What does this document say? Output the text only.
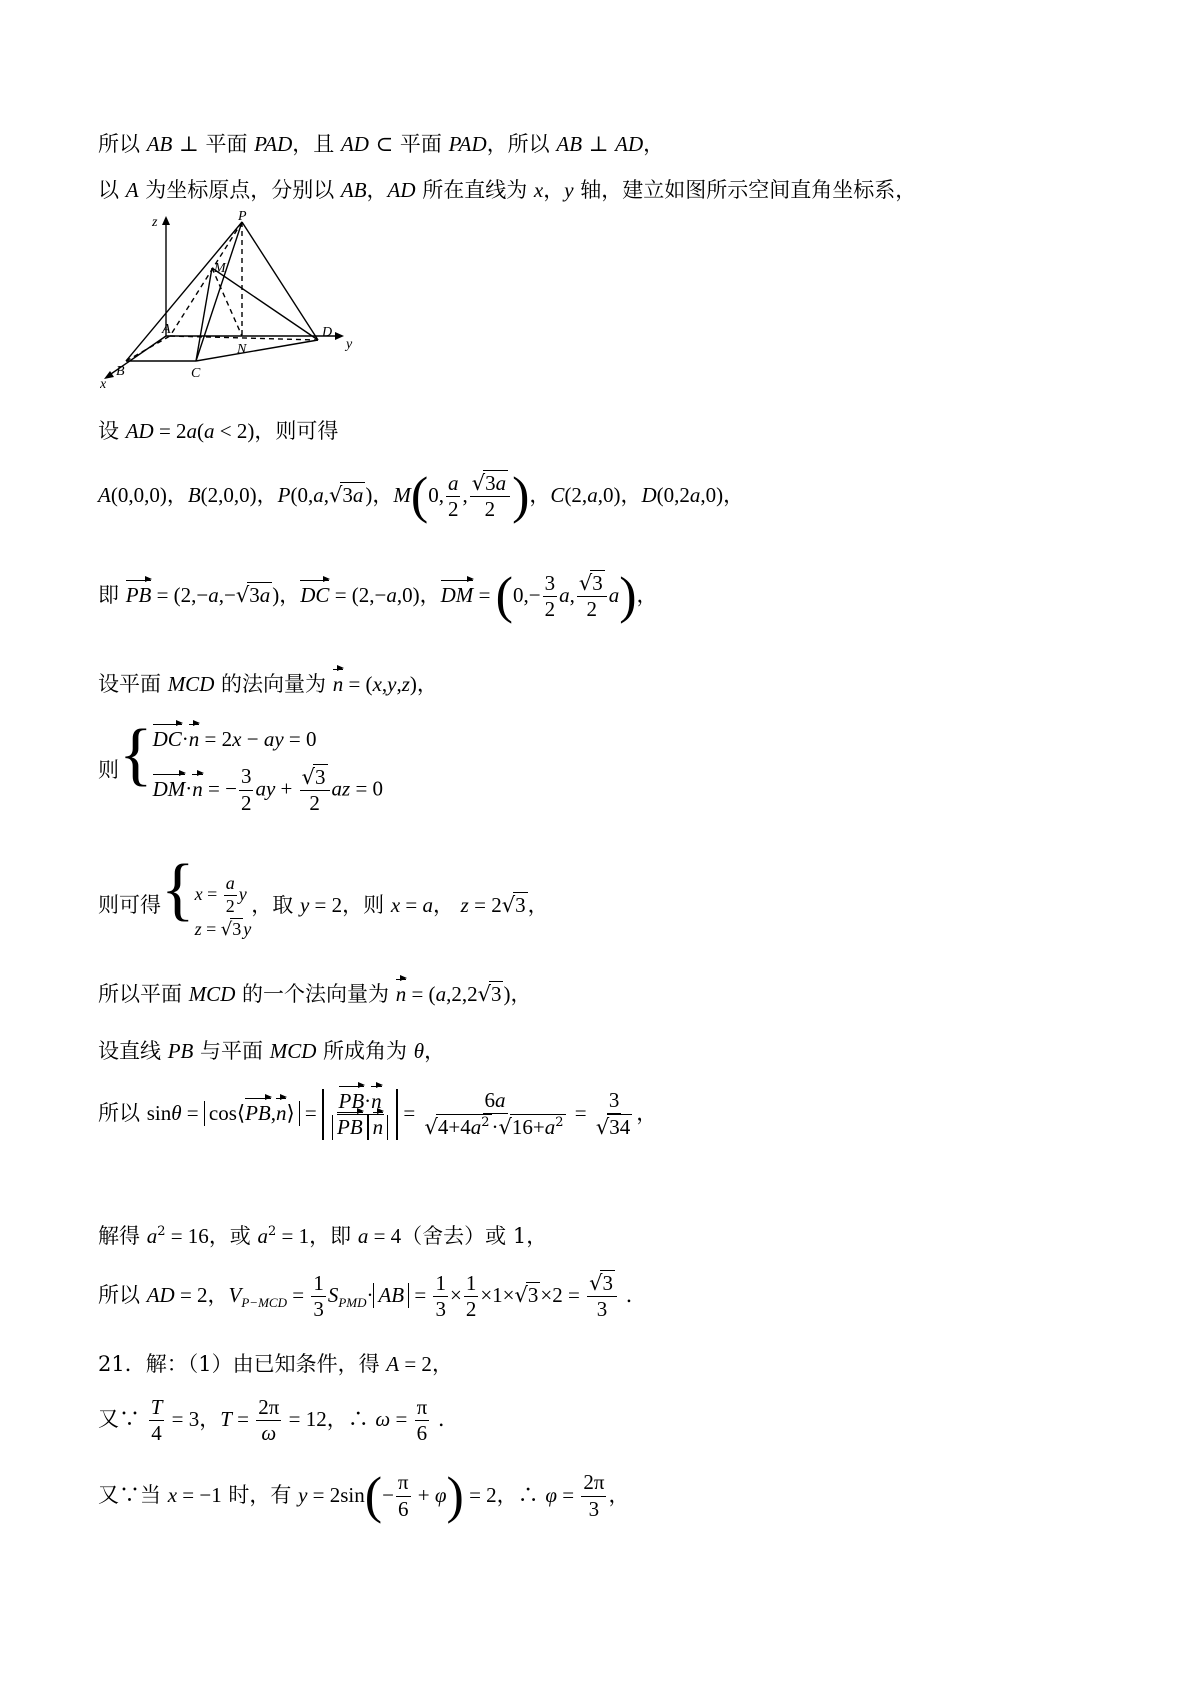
所以 AB ⊥ 平面 PAD，且 AD ⊂ 平面 PAD，所以 AB ⊥ AD，
以 A 为坐标原点，分别以 AB，AD 所在直线为 x，y 轴，建立如图所示空间直角坐标系，
z
y
x
P
M
A
N
D
B	C
设 AD = 2a(a < 2)，则可得
A(0,0,0)，B(2,0,0)，P(0,a,√3a)，M(0, $\frac{a}{2}$ , $\frac{√3a}{2}$ )，C(2,a,0)，D(0,2a,0)，
即 PB = (2,−a,−√3a)，DC = (2,−a,0)，DM = ($0,- \frac{3}{2} a$, $\frac{√3}{2} a$)，
设平面 MCD 的法向量为 n = (x,y,z)，
则{ DC·n = 2x − ay = 0
DM·n = − $\frac{3}{2}$ ay + $\frac{√3}{2}$ az = 0
则可得{ $x = \frac{a}{2}$ y
z = √3 y
，取 y = 2，则 x = a， z = 2√3，
所以平面 MCD 的一个法向量为 n = (a,2,2√3)，
设直线 PB 与平面 MCD 所成角为 θ，
所以 sinθ = cos⟨PB,n⟩ = $\frac{PB\cdot n}{\text{PB n}} = \frac{6a}{√4+4a^2\cdot√16+a^2} = \frac{3}{√34}$ ，
解得 $a^2 = 16$，或 $a^2 = 1$，即 a = 4（舍去）或 1，
所以 AD = 2，$V_{P-MCD} = \frac{1}{3} S_{PMD}\cdot$ AB = $\frac{1}{3} \times \frac{1}{2} \times 1\times√3\times 2 = \frac{√3}{3}$ .
21．解：（1）由已知条件，得 A = 2，
又∵ $\frac{T}{4} = 3$，$T = \frac{2\pi}{\omega} = 12$，∴ $\omega = \frac{\pi}{6}$ .
又∵当 x = −1 时，有 $y = 2\sin(- \frac{\pi}{6} + \varphi) = 2$，∴ $\varphi = \frac{2\pi}{3}$ ，
